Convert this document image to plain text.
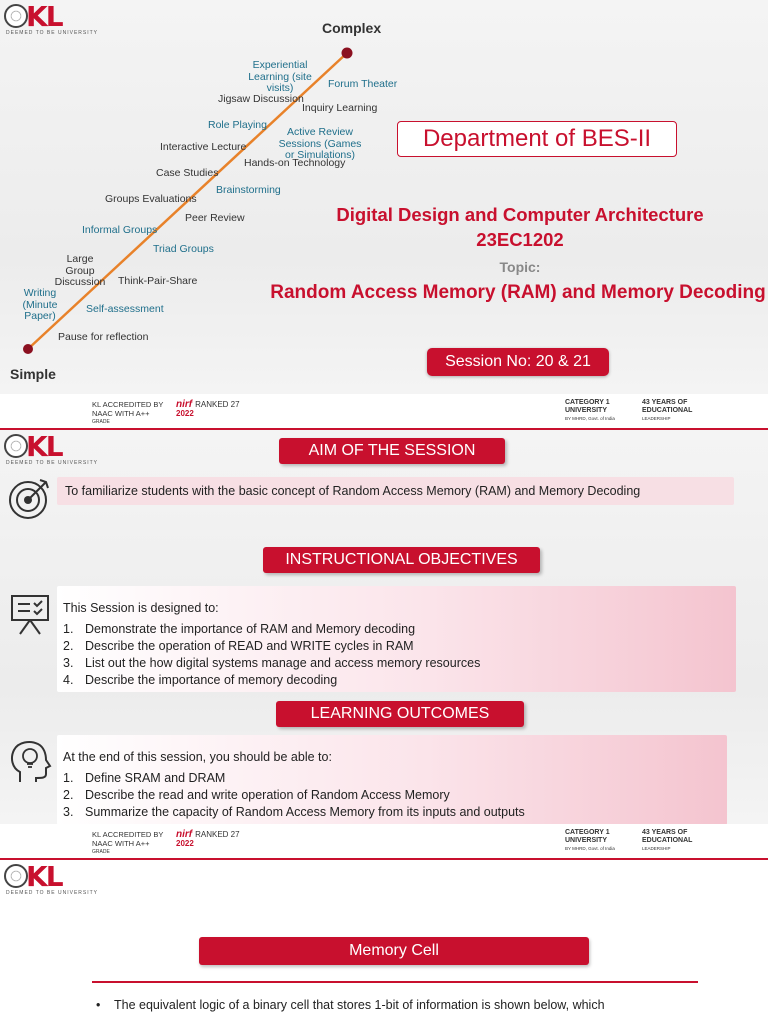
KL
DEEMED TO BE UNIVERSITY	Complex
Simple
Jigsaw Discussion
Role Playing
Interactive Lecture
Case Studies
Groups Evaluations
Informal Groups
Large Group Discussion
Writing (Minute Paper)
Experiential Learning (site visits)	Forum Theater
Inquiry Learning
Active Review Sessions (Games or Simulations)
Hands-on Technology
Brainstorming
Peer Review
Triad Groups
Think-Pair-Share
Self-assessment
Pause for reflection
Department of BES-II
Digital Design and Computer Architecture
23EC1202
Topic:
Random Access Memory (RAM) and Memory Decoding
Session No: 20 & 21
KL ACCREDITED BY
NAAC WITH A++
GRADE
nirf RANKED 27
2022
CATEGORY 1
UNIVERSITY
BY MHRD, Govt. of India
43 YEARS OF
EDUCATIONAL
LEADERSHIP
KL
DEEMED TO BE UNIVERSITY
AIM OF THE SESSION
To familiarize students with the basic concept of Random Access Memory (RAM) and Memory Decoding
INSTRUCTIONAL OBJECTIVES
This Session is designed to:
1. Demonstrate the importance of RAM and Memory decoding
2. Describe the operation of READ and WRITE cycles in RAM
3. List out the how digital systems manage and access memory resources
4. Describe the importance of memory decoding
LEARNING OUTCOMES
At the end of this session, you should be able to:
1. Define SRAM and DRAM
2. Describe the read and write operation of Random Access Memory
3. Summarize the capacity of Random Access Memory from its inputs and outputs
KL ACCREDITED BY
NAAC WITH A++
GRADE
nirf RANKED 27
2022
CATEGORY 1
UNIVERSITY
BY MHRD, Govt. of India
43 YEARS OF
EDUCATIONAL
LEADERSHIP
KL
DEEMED TO BE UNIVERSITY
Memory Cell
• The equivalent logic of a binary cell that stores 1-bit of information is shown below, which
